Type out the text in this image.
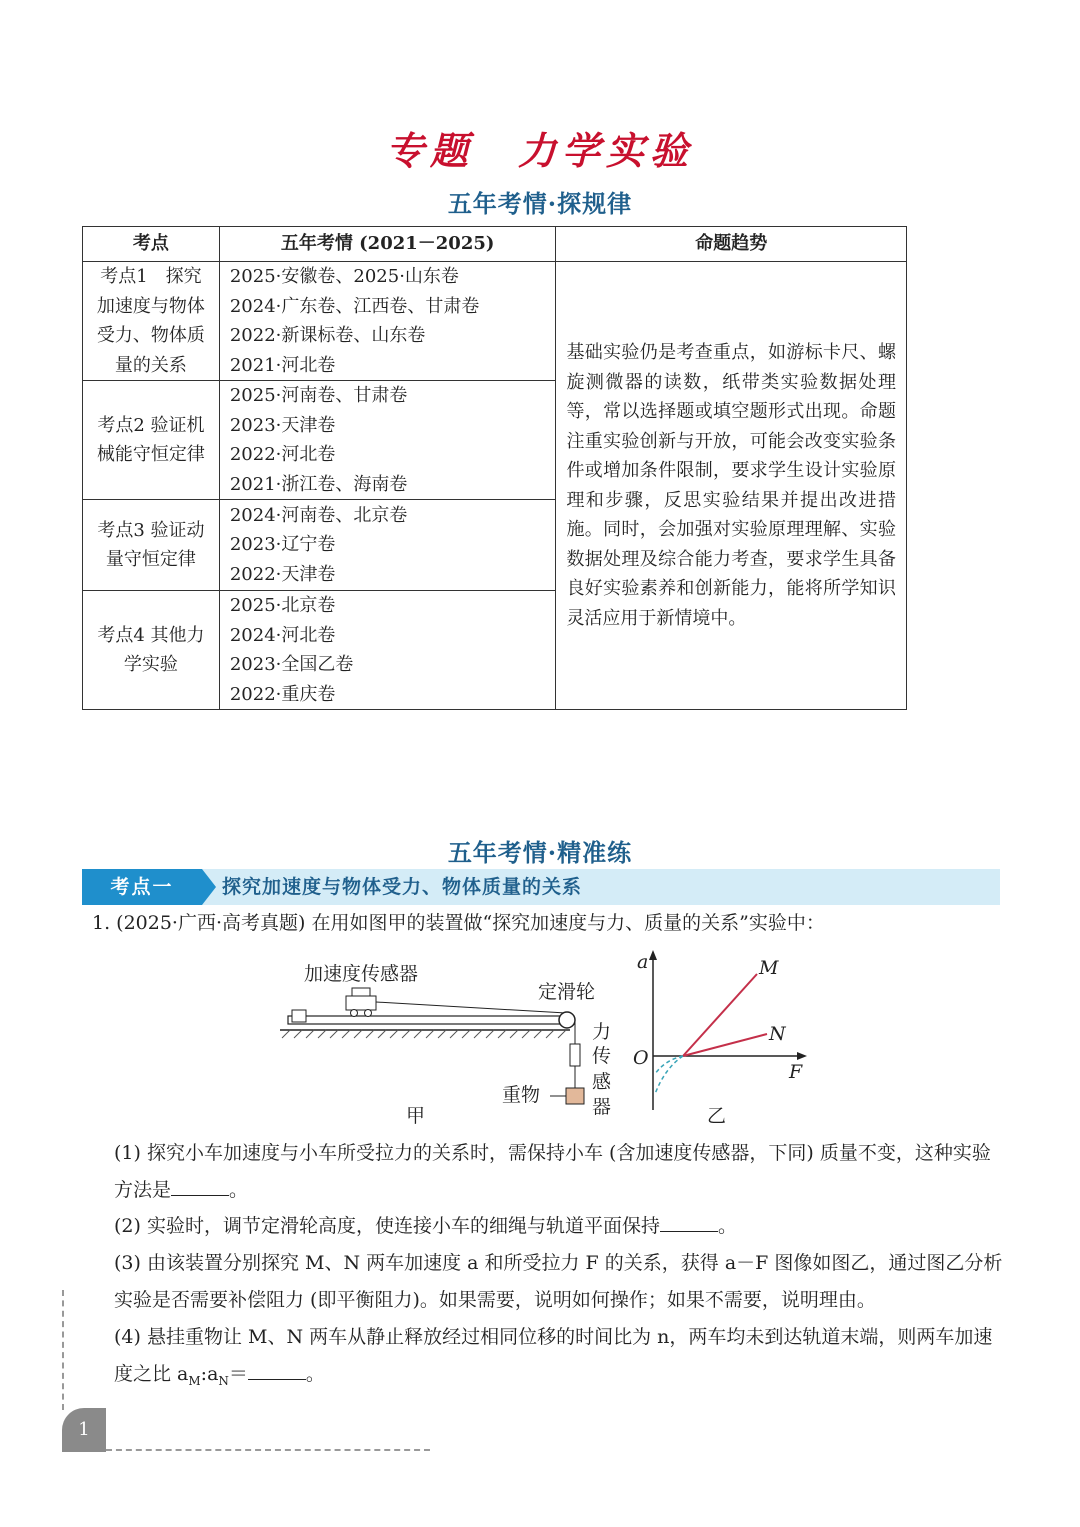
专题　力学实验
五年考情·探规律
考点	五年考情 (2021－2025)	命题趋势
考点1　探究加速度与物体受力、物体质量的关系	2025·安徽卷、2025·山东卷
2024·广东卷、江西卷、甘肃卷
2022·新课标卷、山东卷
2021·河北卷	基础实验仍是考查重点，如游标卡尺、螺旋测微器的读数，纸带类实验数据处理等，常以选择题或填空题形式出现。命题注重实验创新与开放，可能会改变实验条件或增加条件限制，要求学生设计实验原理和步骤，反思实验结果并提出改进措施。同时，会加强对实验原理理解、实验数据处理及综合能力考查，要求学生具备良好实验素养和创新能力，能将所学知识灵活应用于新情境中。
考点2 验证机械能守恒定律	2025·河南卷、甘肃卷
2023·天津卷
2022·河北卷
2021·浙江卷、海南卷	

考点3 验证动量守恒定律	2024·河南卷、北京卷
2023·辽宁卷
2022·天津卷	

考点4 其他力学实验	2025·北京卷
2024·河北卷
2023·全国乙卷
2022·重庆卷	
五年考情·精准练
考点一	探究加速度与物体受力、物体质量的关系
1. (2025·广西·高考真题) 在用如图甲的装置做“探究加速度与力、质量的关系”实验中：
加速度传感器
定滑轮
重物
力
传
感
器
甲
a
F
O
M
N
乙
(1) 探究小车加速度与小车所受拉力的关系时，需保持小车 (含加速度传感器，下同) 质量不变，这种实验
方法是	。
(2) 实验时，调节定滑轮高度，使连接小车的细绳与轨道平面保持	。
(3) 由该装置分别探究 M、N 两车加速度 a 和所受拉力 F 的关系，获得 a－F 图像如图乙，通过图乙分析
实验是否需要补偿阻力 (即平衡阻力)。如果需要，说明如何操作；如果不需要，说明理由。
(4) 悬挂重物让 M、N 两车从静止释放经过相同位移的时间比为 n，两车均未到达轨道末端，则两车加速
度之比 $a_M:a_N=$	。
1
